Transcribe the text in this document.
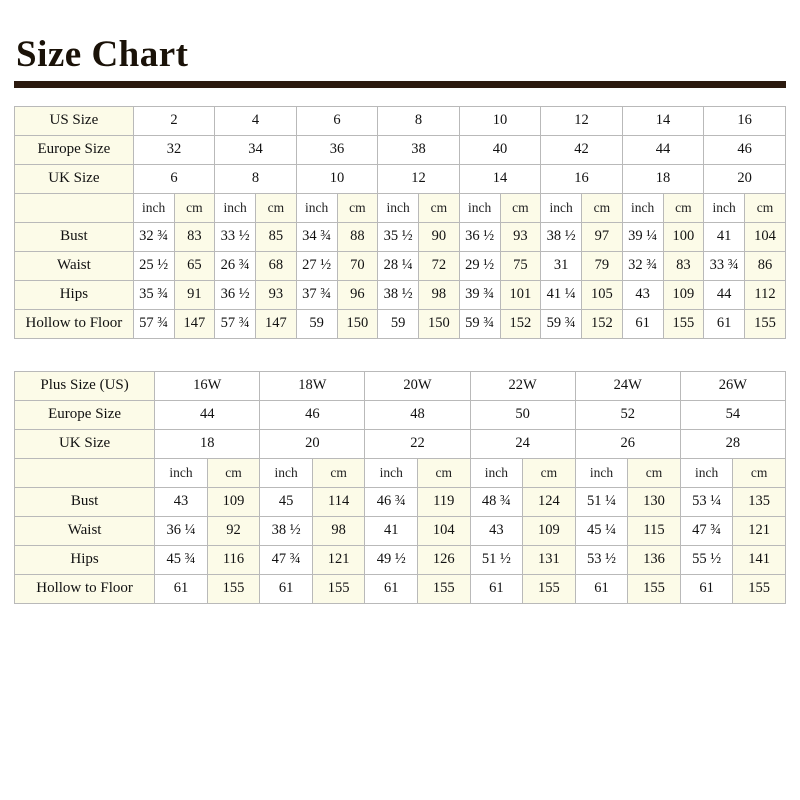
Size Chart
US Size	2		4		6		8		10		12		14		16	
Europe Size	32		34		36		38		40		42		44		46	
UK Size	6		8		10		12		14		16		18		20	
	inch	cm	inch	cm	inch	cm	inch	cm	inch	cm	inch	cm	inch	cm	inch	cm
Bust	32 ¾	83	33 ½	85	34 ¾	88	35 ½	90	36 ½	93	38 ½	97	39 ¼	100	41	104
Waist	25 ½	65	26 ¾	68	27 ½	70	28 ¼	72	29 ½	75	31	79	32 ¾	83	33 ¾	86
Hips	35 ¾	91	36 ½	93	37 ¾	96	38 ½	98	39 ¾	101	41 ¼	105	43	109	44	112
Hollow to Floor	57 ¾	147	57 ¾	147	59	150	59	150	59 ¾	152	59 ¾	152	61	155	61	155
Plus Size (US)	16W		18W		20W		22W		24W		26W	
Europe Size	44		46		48		50		52		54	
UK Size	18		20		22		24		26		28	
	inch	cm	inch	cm	inch	cm	inch	cm	inch	cm	inch	cm
Bust	43	109	45	114	46 ¾	119	48 ¾	124	51 ¼	130	53 ¼	135
Waist	36 ¼	92	38 ½	98	41	104	43	109	45 ¼	115	47 ¾	121
Hips	45 ¾	116	47 ¾	121	49 ½	126	51 ½	131	53 ½	136	55 ½	141
Hollow to Floor	61	155	61	155	61	155	61	155	61	155	61	155
